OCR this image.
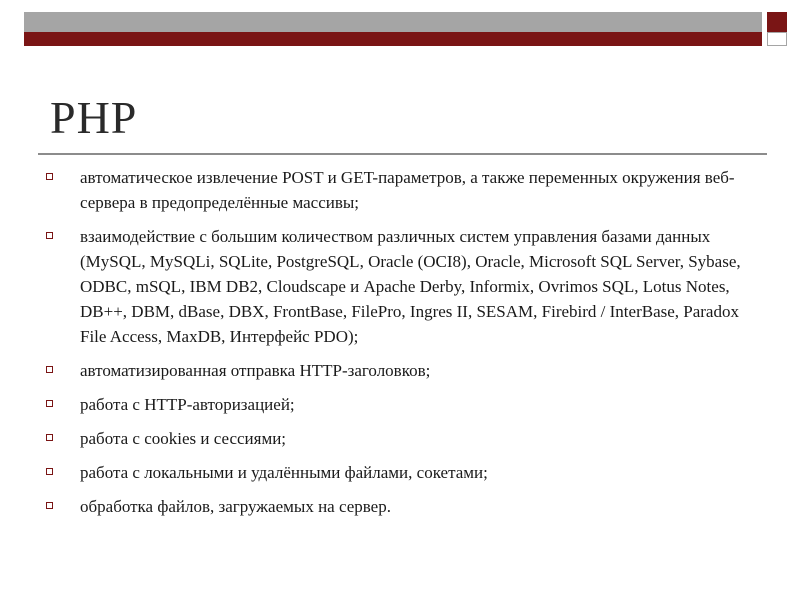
PHP
автоматическое извлечение POST и GET-параметров, а также переменных окружения веб-сервера в предопределённые массивы;
взаимодействие с большим количеством различных систем управления базами данных (MySQL, MySQLi, SQLite, PostgreSQL, Oracle (OCI8), Oracle, Microsoft SQL Server, Sybase, ODBC, mSQL, IBM DB2, Cloudscape и Apache Derby, Informix, Ovrimos SQL, Lotus Notes, DB++, DBM, dBase, DBX, FrontBase, FilePro, Ingres II, SESAM, Firebird / InterBase, Paradox File Access, MaxDB, Интерфейс PDO);
автоматизированная отправка HTTP-заголовков;
работа с HTTP-авторизацией;
работа с cookies и сессиями;
работа с локальными и удалёнными файлами, сокетами;
обработка файлов, загружаемых на сервер.
